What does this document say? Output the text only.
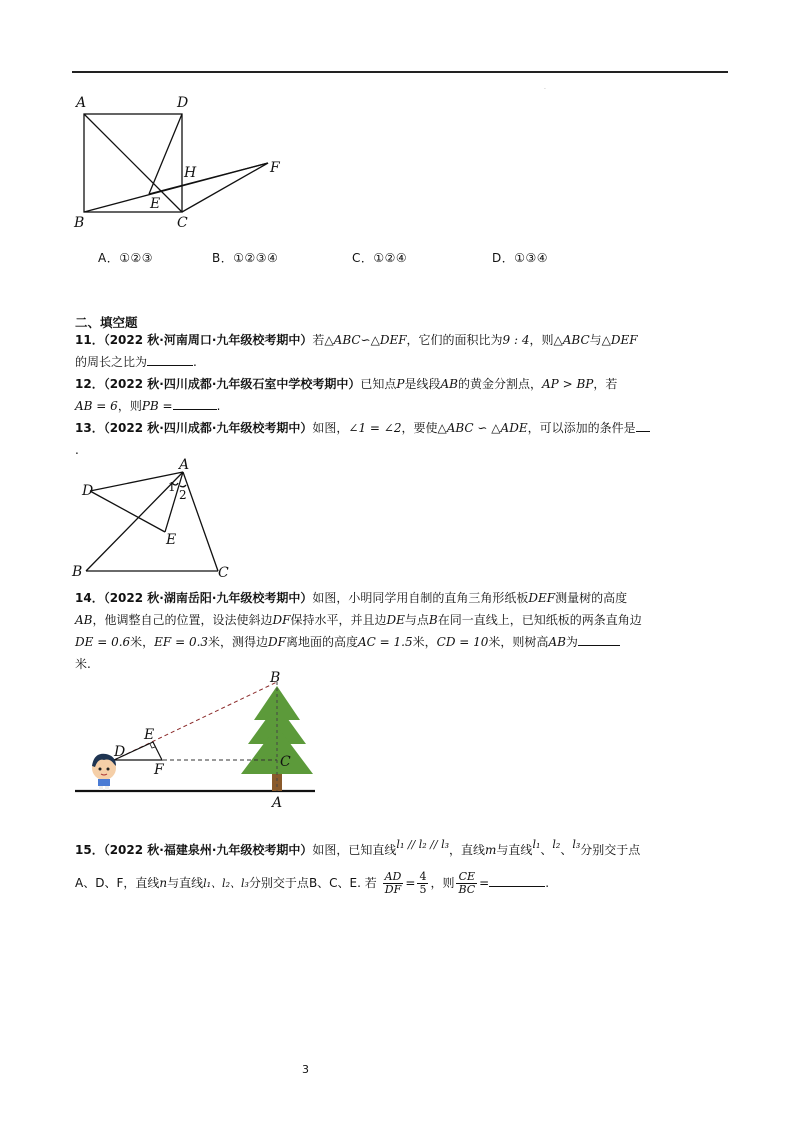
.
A	D
H	F
E
B	C
A．①②③	B．①②③④	C．①②④	D．①③④
二、填空题
11．（2022 秋·河南周口·九年级校考期中）若△ABC∽△DEF，它们的面积比为9 : 4，则△ABC与△DEF
的周长之比为	.
12．（2022 秋·四川成都·九年级石室中学校考期中）已知点P是线段AB的黄金分割点，AP > BP，若
AB = 6，则PB =	.
13．（2022 秋·四川成都·九年级校考期中）如图，∠1 = ∠2，要使△ABC ∽ △ADE，可以添加的条件是
.
A
D	1
2
E
B	C
14．（2022 秋·湖南岳阳·九年级校考期中）如图，小明同学用自制的直角三角形纸板DEF测量树的高度
AB，他调整自己的位置，设法使斜边DF保持水平，并且边DE与点B在同一直线上，已知纸板的两条直角边
DE = 0.6米，EF = 0.3米，测得边DF离地面的高度AC = 1.5米，CD = 10米，则树高AB为
米.
B
E
D
F	C
A
15．（2022 秋·福建泉州·九年级校考期中）如图，已知直线l₁ // l₂ // l₃，直线m与直线l₁、l₂、l₃分别交于点
A、D、F，直线n与直线l₁、l₂、l₃分别交于点B、C、E. 若 $\frac{AD}{DF} = \frac{4}{5}$ ，则 $\frac{CE}{BC}$ =	.
3
